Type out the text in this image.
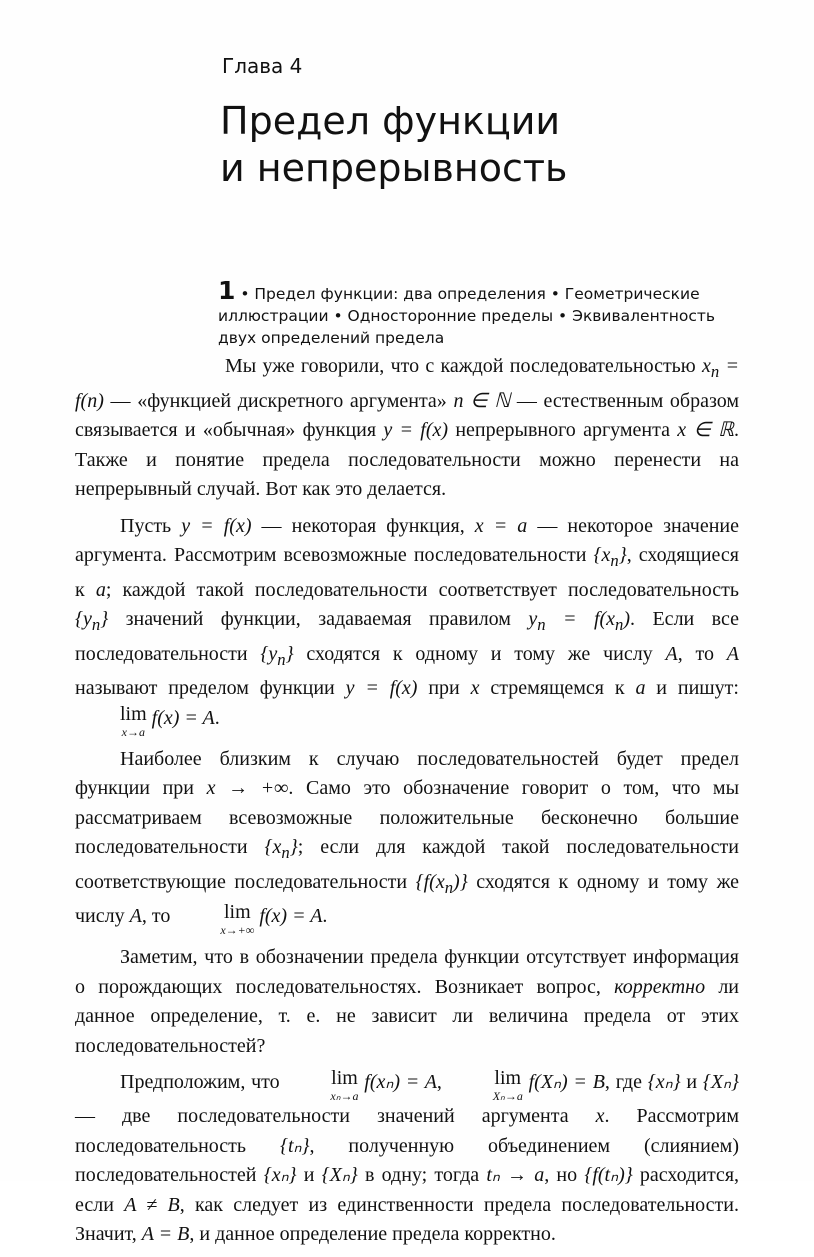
Глава 4
Предел функции
и непрерывность
1 • Предел функции: два определения • Геометрические иллюстрации • Односторонние пределы • Эквивалентность двух определений предела

Мы уже говорили, что с каждой последовательностью $x_n = f(n)$ — «функцией дискретного аргумента» n ∈ ℕ — естественным образом связывается и «обычная» функция y = f(x) непрерывного аргумента x ∈ ℝ. Также и понятие предела последовательности можно перенести на непрерывный случай. Вот как это делается.

Пусть y = f(x) — некоторая функция, x = a — некоторое значение аргумента. Рассмотрим всевозможные последовательности $\{x_n\}$, сходящиеся к a; каждой такой последовательности соответствует последовательность $\{y_n\}$ значений функции, задаваемая правилом $y_n = f(x_n)$. Если все последовательности $\{y_n\}$ сходятся к одному и тому же числу A, то A называют пределом функции y = f(x) при x стремящемся к a и пишут:
lim
x→a
f(x) = A.

Наиболее близким к случаю последовательностей будет предел функции при x → +∞. Само это обозначение говорит о том, что мы рассматриваем всевозможные положительные бесконечно большие последовательности $\{x_n\}$; если для каждой такой последовательности соответствующие последовательности $\{f(x_n)\}$ сходятся к одному и тому же числу A, то	lim
x→+∞
f(x) = A.

Заметим, что в обозначении предела функции отсутствует информация о порождающих последовательностях. Возникает вопрос, корректно ли данное определение, т. е. не зависит ли величина предела от этих последовательностей?

Предположим, что	lim
xₙ→a
f(xₙ) = A,	lim
Xₙ→a
f(Xₙ) = B, где {xₙ} и {Xₙ} — две последовательности значений аргумента x. Рассмотрим последовательность {tₙ}, полученную объединением (слиянием) последовательностей {xₙ} и {Xₙ} в одну; тогда tₙ → a, но {f(tₙ)} расходится, если A ≠ B, как следует из единственности предела последовательности. Значит, A = B, и данное определение предела корректно.
